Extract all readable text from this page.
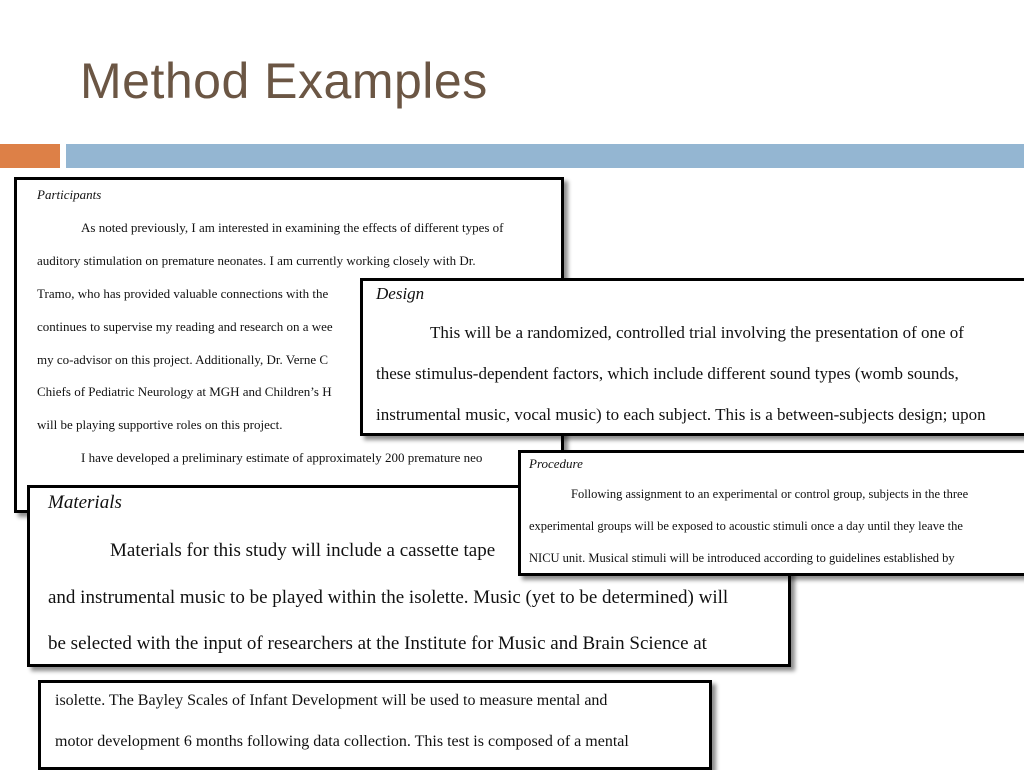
Method Examples
Participants
As noted previously, I am interested in examining the effects of different types of
auditory stimulation on premature neonates. I am currently working closely with Dr.
Tramo, who has provided valuable connections with the
continues to supervise my reading and research on a wee
my co-advisor on this project. Additionally, Dr. Verne C
Chiefs of Pediatric Neurology at MGH and Children’s H
will be playing supportive roles on this project.
I have developed a preliminary estimate of approximately 200 premature neo
Design
This will be a randomized, controlled trial involving the presentation of one of
these stimulus-dependent factors, which include different sound types (womb sounds,
instrumental music, vocal music) to each subject. This is a between-subjects design; upon
Materials
Materials for this study will include a cassette tape
and instrumental music to be played within the isolette. Music (yet to be determined) will
be selected with the input of researchers at the Institute for Music and Brain Science at
Procedure
Following assignment to an experimental or control group, subjects in the three
experimental groups will be exposed to acoustic stimuli once a day until they leave the
NICU unit. Musical stimuli will be introduced according to guidelines established by
isolette. The Bayley Scales of Infant Development will be used to measure mental and
motor development 6 months following data collection. This test is composed of a mental
